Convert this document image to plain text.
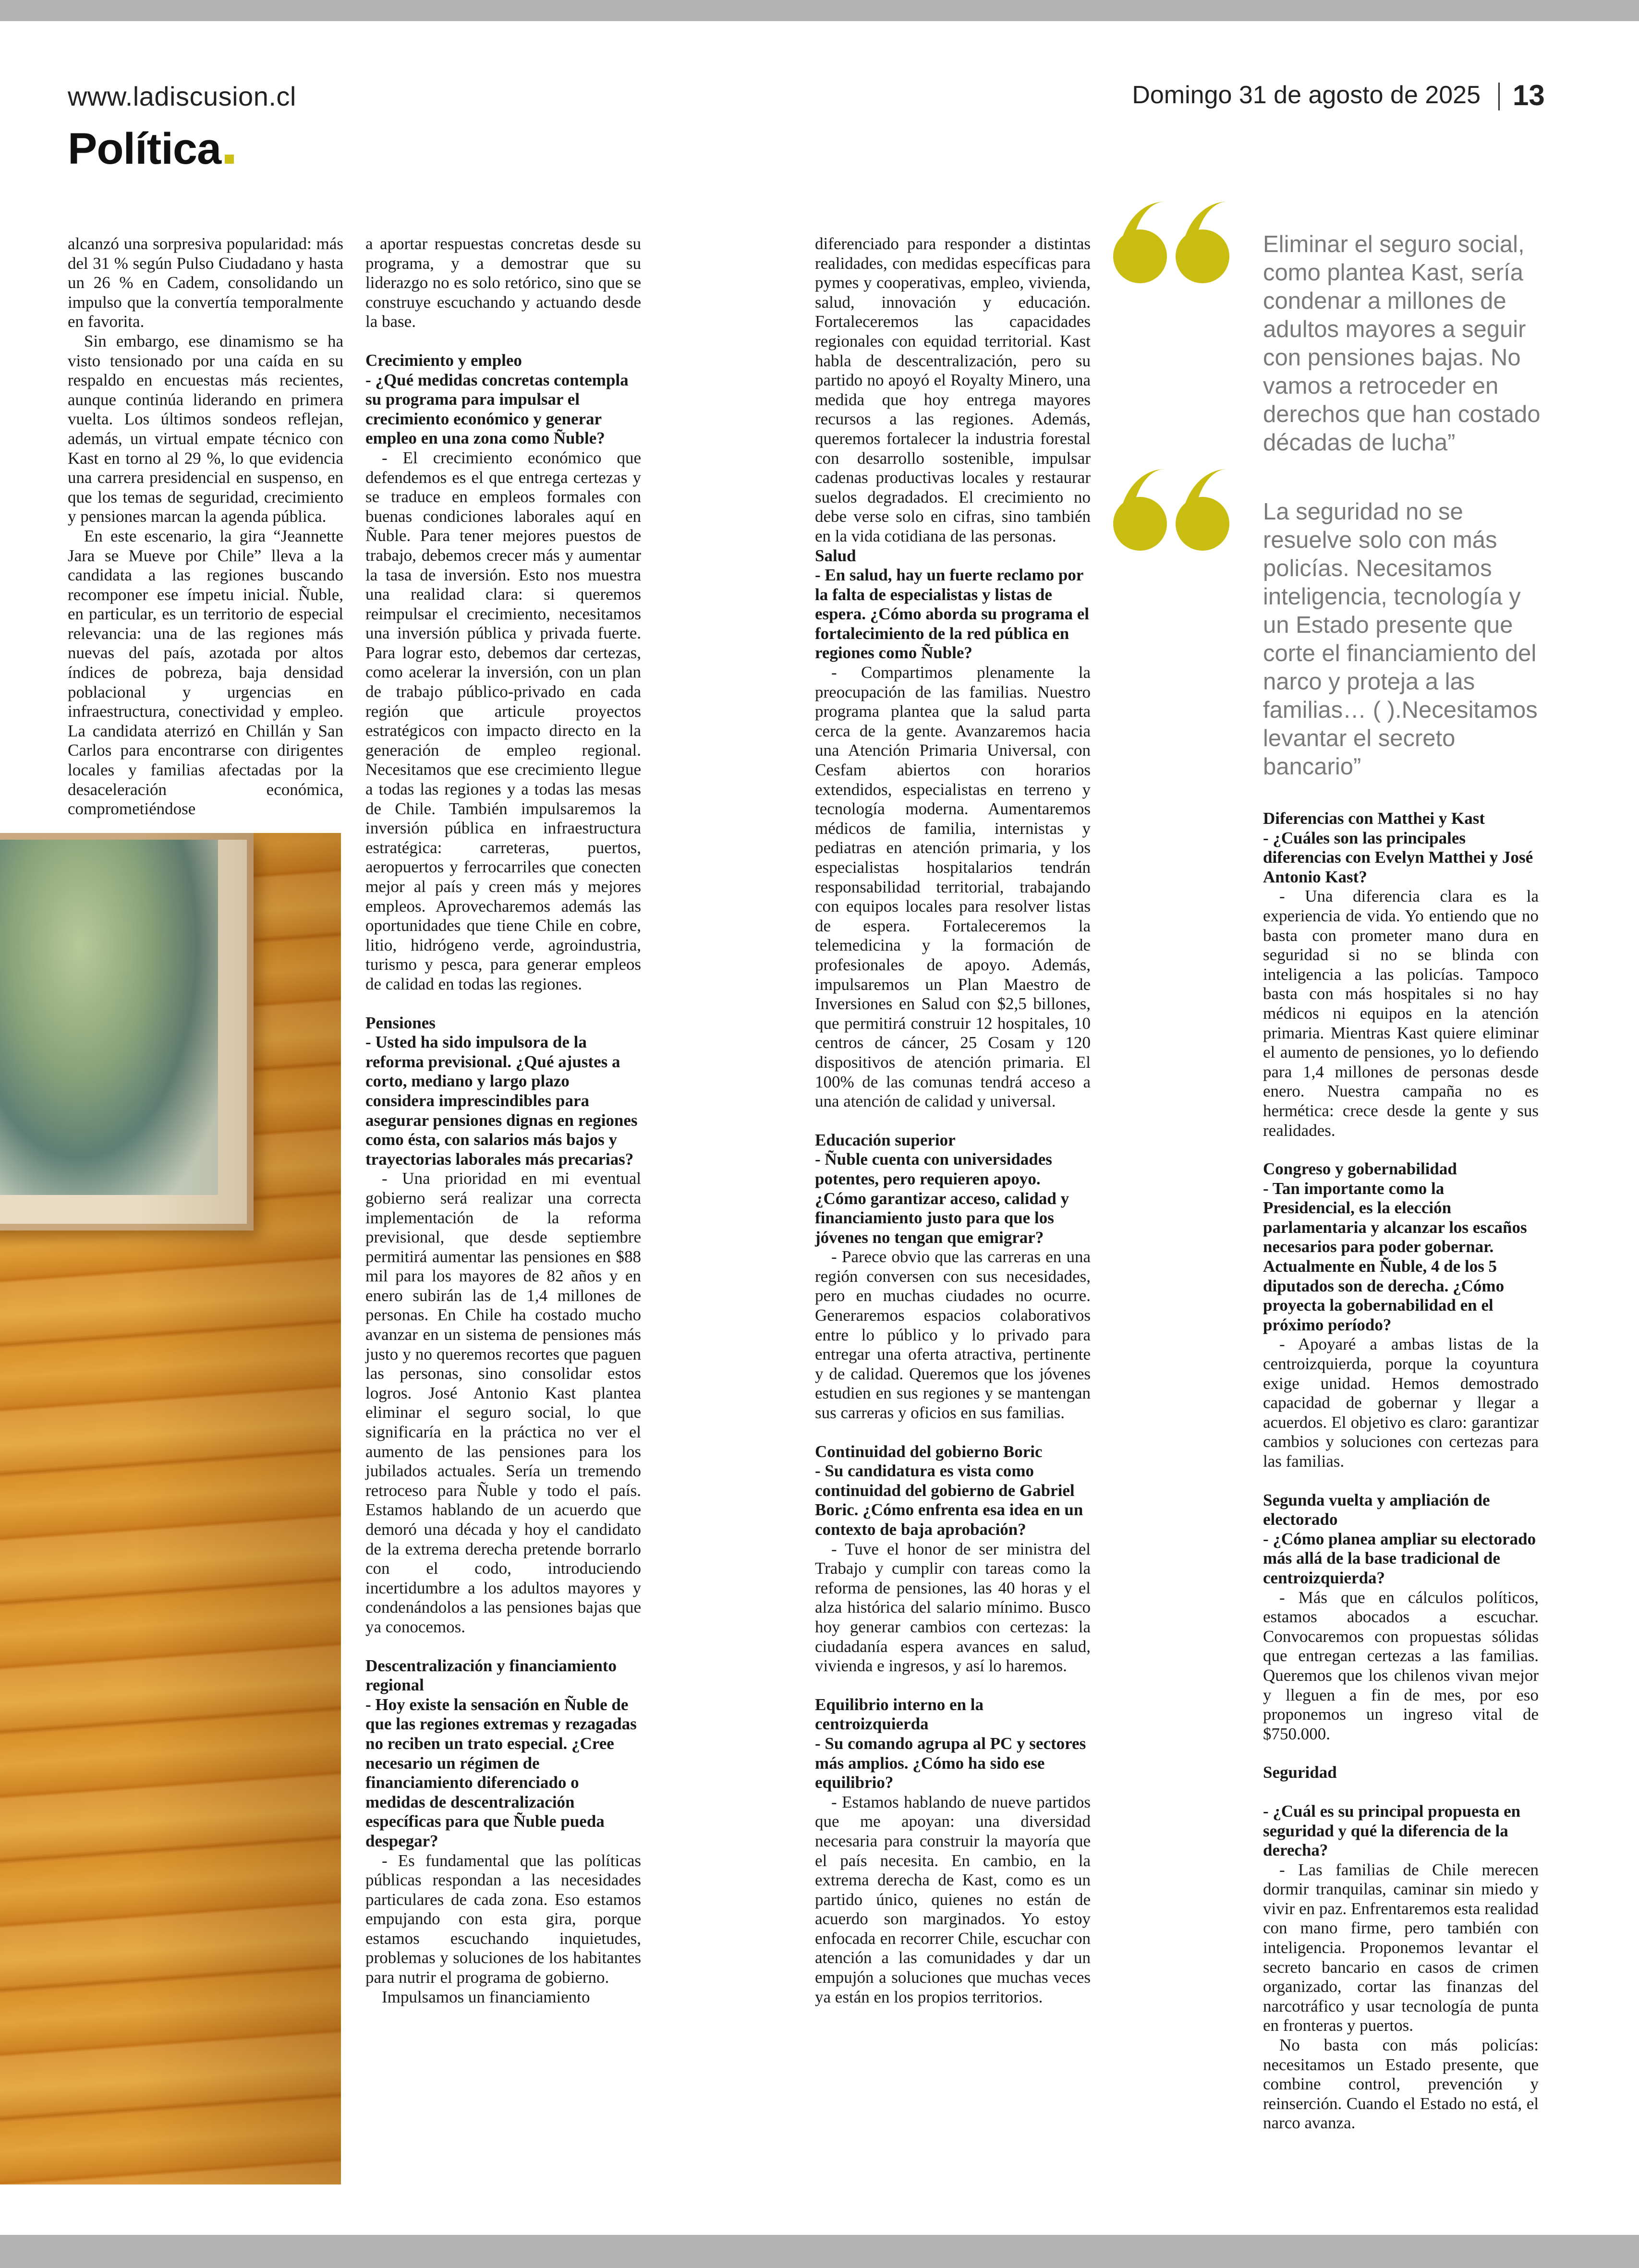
www.ladiscusion.cl	Domingo 31 de agosto de 2025 13
Política

alcanzó una sorpresiva popularidad: más del 31 % según Pulso Ciudadano y hasta un 26 % en Cadem, consolidando un impulso que la convertía temporalmente en favorita.

Sin embargo, ese dinamismo se ha visto tensionado por una caída en su respaldo en encuestas más recientes, aunque continúa liderando en primera vuelta. Los últimos sondeos reflejan, además, un virtual empate técnico con Kast en torno al 29 %, lo que evidencia una carrera presidencial en suspenso, en que los temas de seguridad, crecimiento y pensiones marcan la agenda pública.

En este escenario, la gira “Jeannette Jara se Mueve por Chile” lleva a la candidata a las regiones buscando recomponer ese ímpetu inicial. Ñuble, en particular, es un territorio de especial relevancia: una de las regiones más nuevas del país, azotada por altos índices de pobreza, baja densidad poblacional y urgencias en infraestructura, conectividad y empleo. La candidata aterrizó en Chillán y San Carlos para encontrarse con dirigentes locales y familias afectadas por la desaceleración económica, comprometiéndose

a aportar respuestas concretas desde su programa, y a demostrar que su liderazgo no es solo retórico, sino que se construye escuchando y actuando desde la base.

Crecimiento y empleo
- ¿Qué medidas concretas contempla su programa para impulsar el crecimiento económico y generar empleo en una zona como Ñuble?

- El crecimiento económico que defendemos es el que entrega certezas y se traduce en empleos formales con buenas condiciones laborales aquí en Ñuble. Para tener mejores puestos de trabajo, debemos crecer más y aumentar la tasa de inversión. Esto nos muestra una realidad clara: si queremos reimpulsar el crecimiento, necesitamos una inversión pública y privada fuerte. Para lograr esto, debemos dar certezas, como acelerar la inversión, con un plan de trabajo público-privado en cada región que articule proyectos estratégicos con impacto directo en la generación de empleo regional. Necesitamos que ese crecimiento llegue a todas las regiones y a todas las mesas de Chile. También impulsaremos la inversión pública en infraestructura estratégica: carreteras, puertos, aeropuertos y ferrocarriles que conecten mejor al país y creen más y mejores empleos. Aprovecharemos además las oportunidades que tiene Chile en cobre, litio, hidrógeno verde, agroindustria, turismo y pesca, para generar empleos de calidad en todas las regiones.

Pensiones
- Usted ha sido impulsora de la reforma previsional. ¿Qué ajustes a corto, mediano y largo plazo considera imprescindibles para asegurar pensiones dignas en regiones como ésta, con salarios más bajos y trayectorias laborales más precarias?

- Una prioridad en mi eventual gobierno será realizar una correcta implementación de la reforma previsional, que desde septiembre permitirá aumentar las pensiones en $88 mil para los mayores de 82 años y en enero subirán las de 1,4 millones de personas. En Chile ha costado mucho avanzar en un sistema de pensiones más justo y no queremos recortes que paguen las personas, sino consolidar estos logros. José Antonio Kast plantea eliminar el seguro social, lo que significaría en la práctica no ver el aumento de las pensiones para los jubilados actuales. Sería un tremendo retroceso para Ñuble y todo el país. Estamos hablando de un acuerdo que demoró una década y hoy el candidato de la extrema derecha pretende borrarlo con el codo, introduciendo incertidumbre a los adultos mayores y condenándolos a las pensiones bajas que ya conocemos.

Descentralización y financiamiento regional
- Hoy existe la sensación en Ñuble de que las regiones extremas y rezagadas no reciben un trato especial. ¿Cree necesario un régimen de financiamiento diferenciado o medidas de descentralización específicas para que Ñuble pueda despegar?

- Es fundamental que las políticas públicas respondan a las necesidades particulares de cada zona. Eso estamos empujando con esta gira, porque estamos escuchando inquietudes, problemas y soluciones de los habitantes para nutrir el programa de gobierno.

Impulsamos un financiamiento

diferenciado para responder a distintas realidades, con medidas específicas para pymes y cooperativas, empleo, vivienda, salud, innovación y educación. Fortaleceremos las capacidades regionales con equidad territorial. Kast habla de descentralización, pero su partido no apoyó el Royalty Minero, una medida que hoy entrega mayores recursos a las regiones. Además, queremos fortalecer la industria forestal con desarrollo sostenible, impulsar cadenas productivas locales y restaurar suelos degradados. El crecimiento no debe verse solo en cifras, sino también en la vida cotidiana de las personas.

Salud
- En salud, hay un fuerte reclamo por la falta de especialistas y listas de espera. ¿Cómo aborda su programa el fortalecimiento de la red pública en regiones como Ñuble?

- Compartimos plenamente la preocupación de las familias. Nuestro programa plantea que la salud parta cerca de la gente. Avanzaremos hacia una Atención Primaria Universal, con Cesfam abiertos con horarios extendidos, especialistas en terreno y tecnología moderna. Aumentaremos médicos de familia, internistas y pediatras en atención primaria, y los especialistas hospitalarios tendrán responsabilidad territorial, trabajando con equipos locales para resolver listas de espera. Fortaleceremos la telemedicina y la formación de profesionales de apoyo. Además, impulsaremos un Plan Maestro de Inversiones en Salud con $2,5 billones, que permitirá construir 12 hospitales, 10 centros de cáncer, 25 Cosam y 120 dispositivos de atención primaria. El 100% de las comunas tendrá acceso a una atención de calidad y universal.

Educación superior
- Ñuble cuenta con universidades potentes, pero requieren apoyo. ¿Cómo garantizar acceso, calidad y financiamiento justo para que los jóvenes no tengan que emigrar?

- Parece obvio que las carreras en una región conversen con sus necesidades, pero en muchas ciudades no ocurre. Generaremos espacios colaborativos entre lo público y lo privado para entregar una oferta atractiva, pertinente y de calidad. Queremos que los jóvenes estudien en sus regiones y se mantengan sus carreras y oficios en sus familias.

Continuidad del gobierno Boric
- Su candidatura es vista como continuidad del gobierno de Gabriel Boric. ¿Cómo enfrenta esa idea en un contexto de baja aprobación?

- Tuve el honor de ser ministra del Trabajo y cumplir con tareas como la reforma de pensiones, las 40 horas y el alza histórica del salario mínimo. Busco hoy generar cambios con certezas: la ciudadanía espera avances en salud, vivienda e ingresos, y así lo haremos.

Equilibrio interno en la centroizquierda
- Su comando agrupa al PC y sectores más amplios. ¿Cómo ha sido ese equilibrio?

- Estamos hablando de nueve partidos que me apoyan: una diversidad necesaria para construir la mayoría que el país necesita. En cambio, en la extrema derecha de Kast, como es un partido único, quienes no están de acuerdo son marginados. Yo estoy enfocada en recorrer Chile, escuchar con atención a las comunidades y dar un empujón a soluciones que muchas veces ya están en los propios territorios.

Eliminar el seguro social, como plantea Kast, sería condenar a millones de adultos mayores a seguir con pensiones bajas. No vamos a retroceder en derechos que han costado décadas de lucha”
La seguridad no se resuelve solo con más policías. Necesitamos inteligencia, tecnología y un Estado presente que corte el financiamiento del narco y proteja a las familias… ( ).Necesitamos levantar el secreto bancario”
Diferencias con Matthei y Kast
- ¿Cuáles son las principales diferencias con Evelyn Matthei y José Antonio Kast?

- Una diferencia clara es la experiencia de vida. Yo entiendo que no basta con prometer mano dura en seguridad si no se blinda con inteligencia a las policías. Tampoco basta con más hospitales si no hay médicos ni equipos en la atención primaria. Mientras Kast quiere eliminar el aumento de pensiones, yo lo defiendo para 1,4 millones de personas desde enero. Nuestra campaña no es hermética: crece desde la gente y sus realidades.

Congreso y gobernabilidad
- Tan importante como la Presidencial, es la elección parlamentaria y alcanzar los escaños necesarios para poder gobernar. Actualmente en Ñuble, 4 de los 5 diputados son de derecha. ¿Cómo proyecta la gobernabilidad en el próximo período?

- Apoyaré a ambas listas de la centroizquierda, porque la coyuntura exige unidad. Hemos demostrado capacidad de gobernar y llegar a acuerdos. El objetivo es claro: garantizar cambios y soluciones con certezas para las familias.

Segunda vuelta y ampliación de electorado
- ¿Cómo planea ampliar su electorado más allá de la base tradicional de centroizquierda?

- Más que en cálculos políticos, estamos abocados a escuchar. Convocaremos con propuestas sólidas que entregan certezas a las familias. Queremos que los chilenos vivan mejor y lleguen a fin de mes, por eso proponemos un ingreso vital de $750.000.

Seguridad
- ¿Cuál es su principal propuesta en seguridad y qué la diferencia de la derecha?

- Las familias de Chile merecen dormir tranquilas, caminar sin miedo y vivir en paz. Enfrentaremos esta realidad con mano firme, pero también con inteligencia. Proponemos levantar el secreto bancario en casos de crimen organizado, cortar las finanzas del narcotráfico y usar tecnología de punta en fronteras y puertos.

No basta con más policías: necesitamos un Estado presente, que combine control, prevención y reinserción. Cuando el Estado no está, el narco avanza.
